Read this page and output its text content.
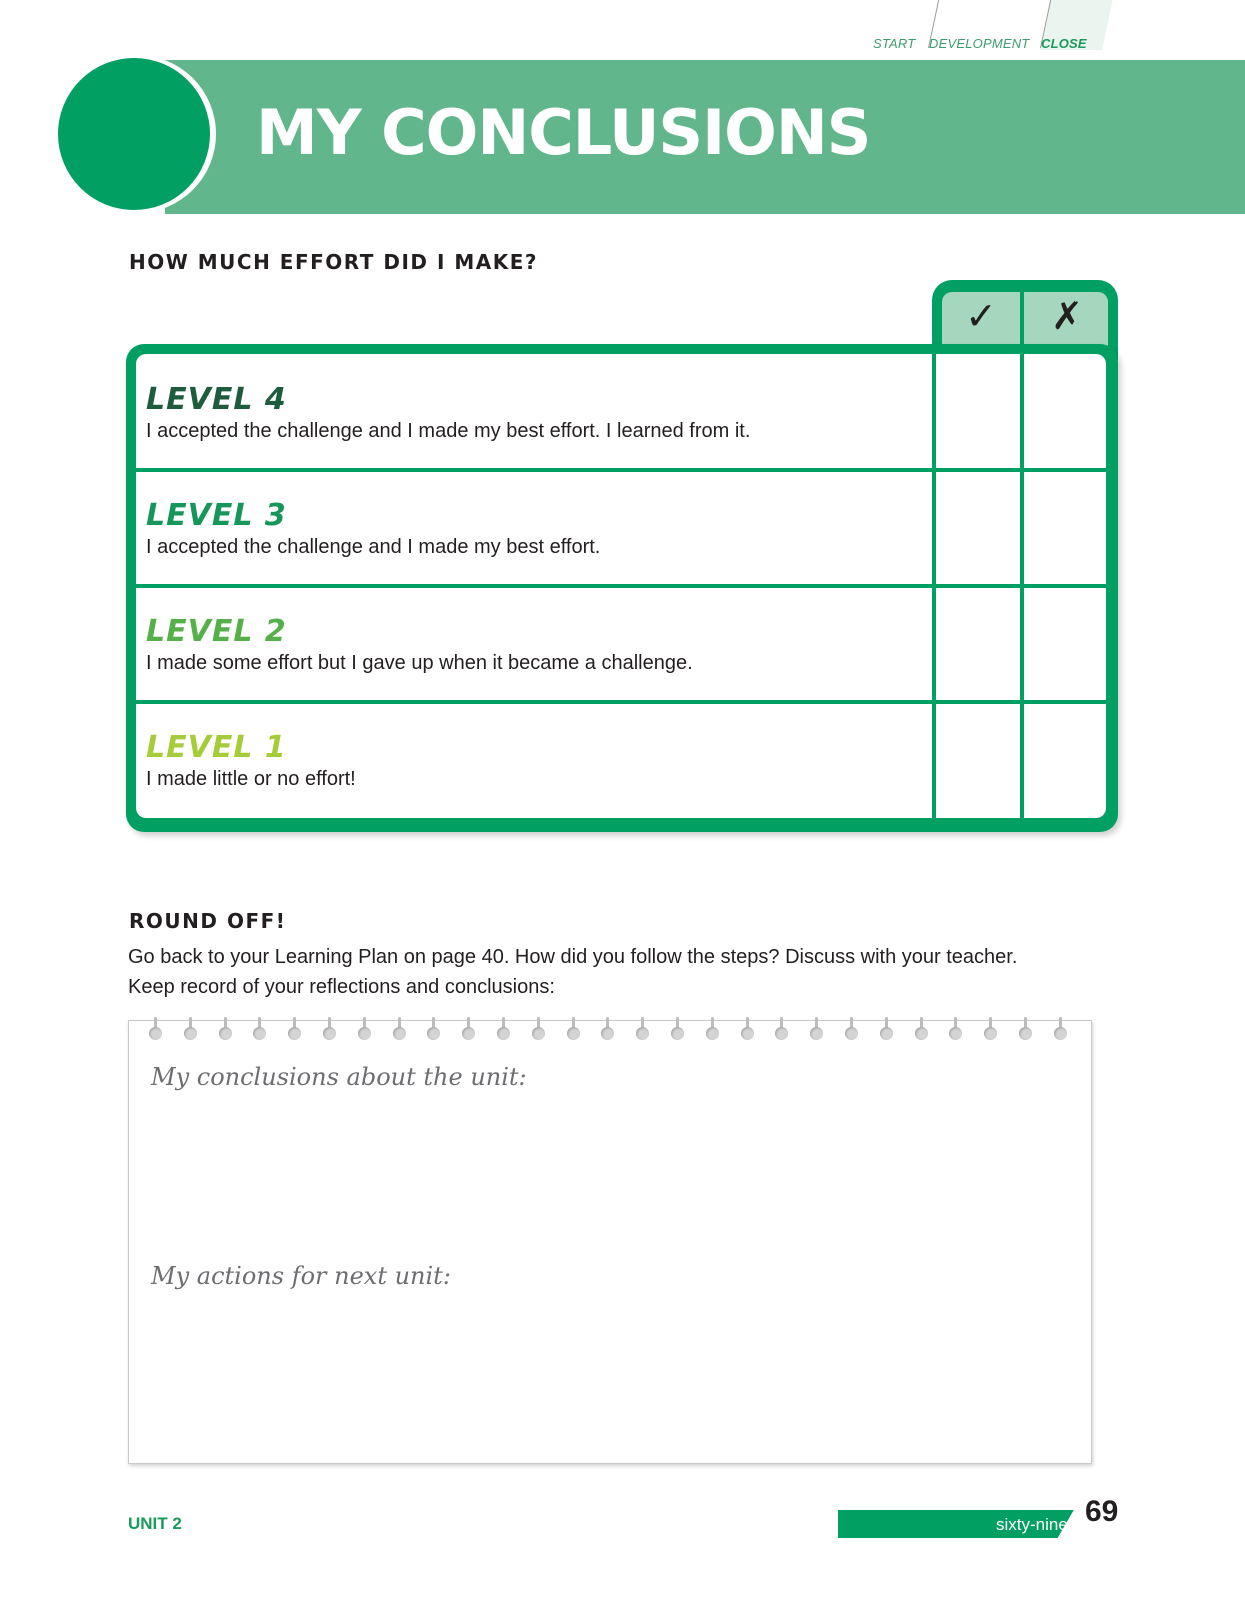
START DEVELOPMENT CLOSE
MY CONCLUSIONS
HOW MUCH EFFORT DID I MAKE?
✓	✗

LEVEL 4

I accepted the challenge and I made my best effort. I learned from it.

LEVEL 3

I accepted the challenge and I made my best effort.

LEVEL 2

I made some effort but I gave up when it became a challenge.

LEVEL 1

I made little or no effort!

ROUND OFF!
Go back to your Learning Plan on page 40. How did you follow the steps? Discuss with your teacher.
Keep record of your reflections and conclusions:

My conclusions about the unit:

My actions for next unit:

UNIT 2	sixty-nine 69
